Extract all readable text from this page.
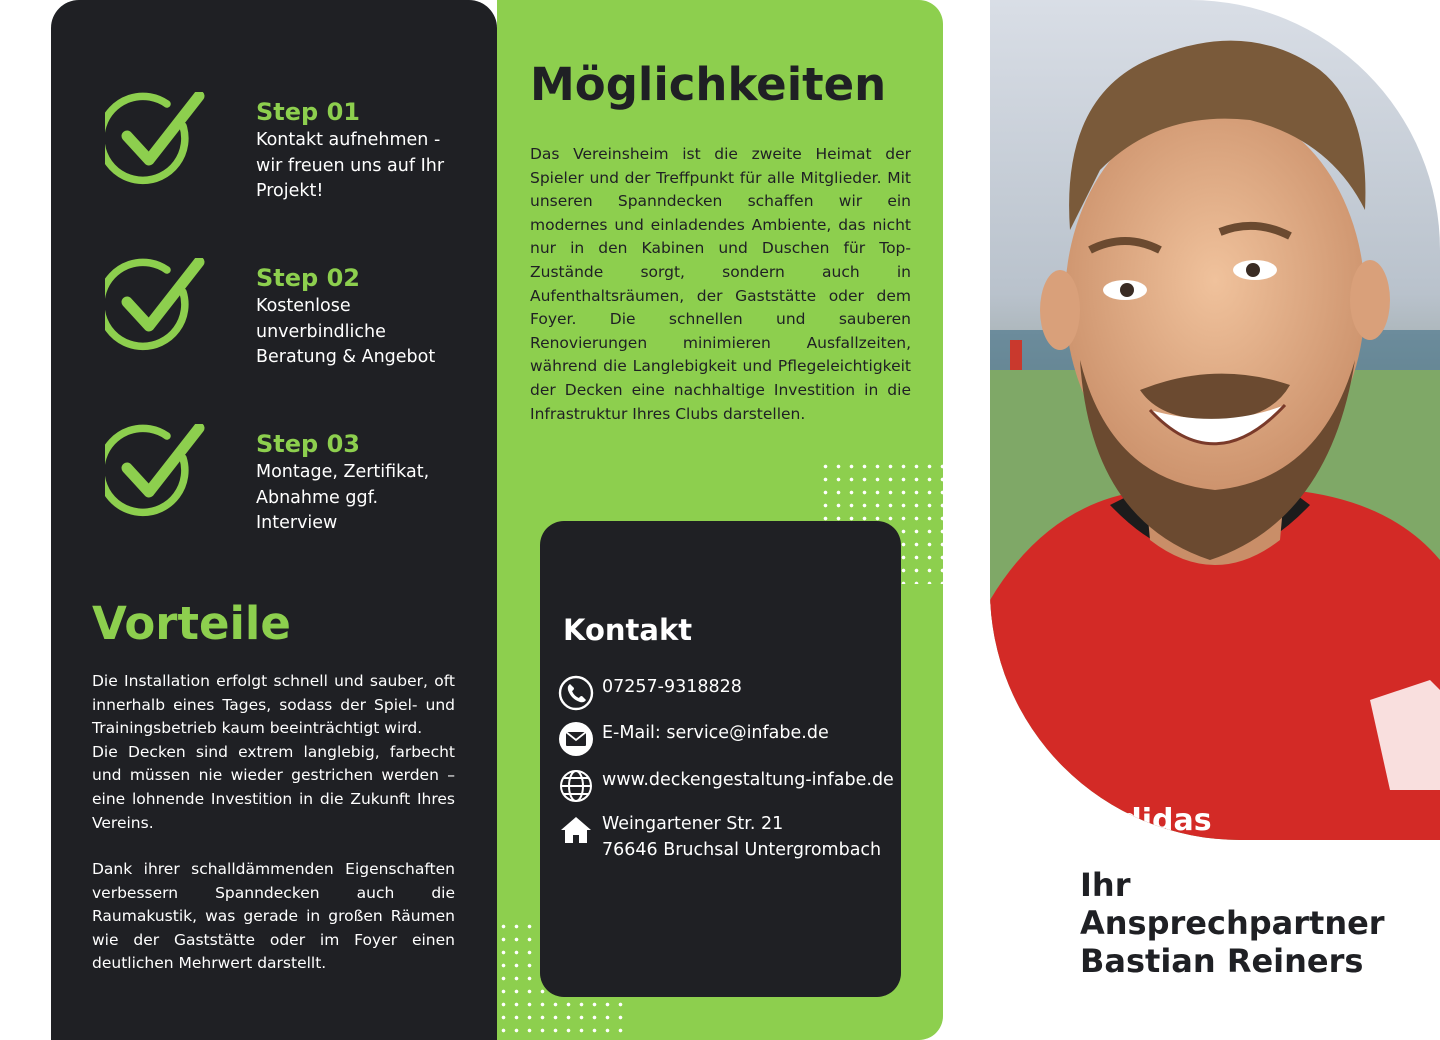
Step 01
Kontakt aufnehmen -
wir freuen uns auf Ihr
Projekt!
Step 02
Kostenlose
unverbindliche
Beratung & Angebot
Step 03
Montage, Zertifikat,
Abnahme ggf.
Interview
Vorteile

Die Installation erfolgt schnell und sauber, oft innerhalb eines Tages, sodass der Spiel- und Trainingsbetrieb kaum beeinträchtigt wird.
Die Decken sind extrem langlebig, farbecht und müssen nie wieder gestrichen werden – eine lohnende Investition in die Zukunft Ihres Vereins.

Dank ihrer schalldämmenden Eigenschaften verbessern Spanndecken auch die Raumakustik, was gerade in großen Räumen wie der Gaststätte oder im Foyer einen deutlichen Mehrwert darstellt.

Möglichkeiten

Das Vereinsheim ist die zweite Heimat der Spieler und der Treffpunkt für alle Mitglieder. Mit unseren Spanndecken schaffen wir ein modernes und einladendes Ambiente, das nicht nur in den Kabinen und Duschen für Top-Zustände sorgt, sondern auch in Aufenthaltsräumen, der Gaststätte oder dem Foyer. Die schnellen und sauberen Renovierungen minimieren Ausfallzeiten, während die Langlebigkeit und Pflegeleichtigkeit der Decken eine nachhaltige Investition in die Infrastruktur Ihres Clubs darstellen.

Kontakt
07257-9318828
E-Mail: service@infabe.de
www.deckengestaltung-infabe.de
Weingartener Str. 21
76646 Bruchsal Untergrombach
adidas
Ihr Ansprechpartner
Bastian Reiners
